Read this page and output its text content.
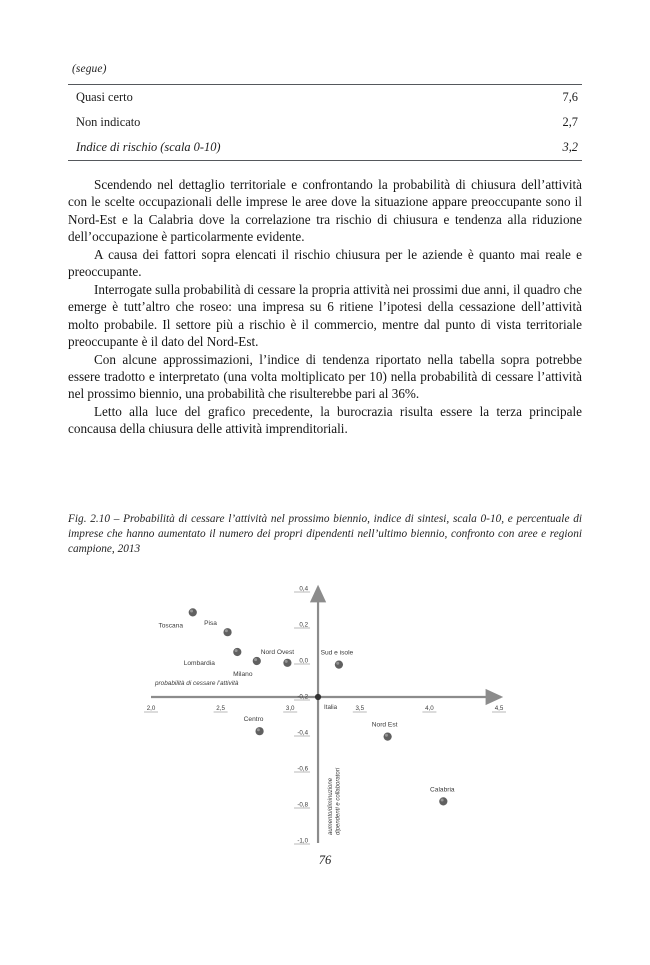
(segue)
Quasi certo	7,6
Non indicato	2,7
Indice di rischio (scala 0-10)	3,2

Scendendo nel dettaglio territoriale e confrontando la probabilità di chiusura dell’attività con le scelte occupazionali delle imprese le aree dove la situazione appare preoccupante sono il Nord-Est e la Calabria dove la correlazione tra rischio di chiusura e tendenza alla riduzione dell’occupazione è particolarmente evidente.

A causa dei fattori sopra elencati il rischio chiusura per le aziende è quanto mai reale e preoccupante.

Interrogate sulla probabilità di cessare la propria attività nei prossimi due anni, il quadro che emerge è tutt’altro che roseo: una impresa su 6 ritiene l’ipotesi della cessazione dell’attività molto probabile. Il settore più a rischio è il commercio, mentre dal punto di vista territoriale preoccupante è il dato del Nord-Est.

Con alcune approssimazioni, l’indice di tendenza riportato nella tabella sopra potrebbe essere tradotto e interpretato (una volta moltiplicato per 10) nella probabilità di cessare l’attività nel prossimo biennio, una probabilità che risulterebbe pari al 36%.

Letto alla luce del grafico precedente, la burocrazia risulta essere la terza principale concausa della chiusura delle attività imprenditoriali.

Fig. 2.10 – Probabilità di cessare l’attività nel prossimo biennio, indice di sintesi, scala 0-10, e percentuale di imprese che hanno aumentato il numero dei propri dipendenti nell’ultimo biennio, confronto con aree e regioni campione, 2013
2,0	2,5	3,0	3,5	4,0	4,5
0,4
0,2
0,0
-0,2
-0,4
-0,6
-0,8
-1,0
probabilità di cessare l’attività
aumento/diminuzione dipendenti e collaboratori
Italia
Toscana	Pisa
Lombardia
Milano
Nord Ovest	Sud e isole
Centro
Nord Est
Calabria
76
